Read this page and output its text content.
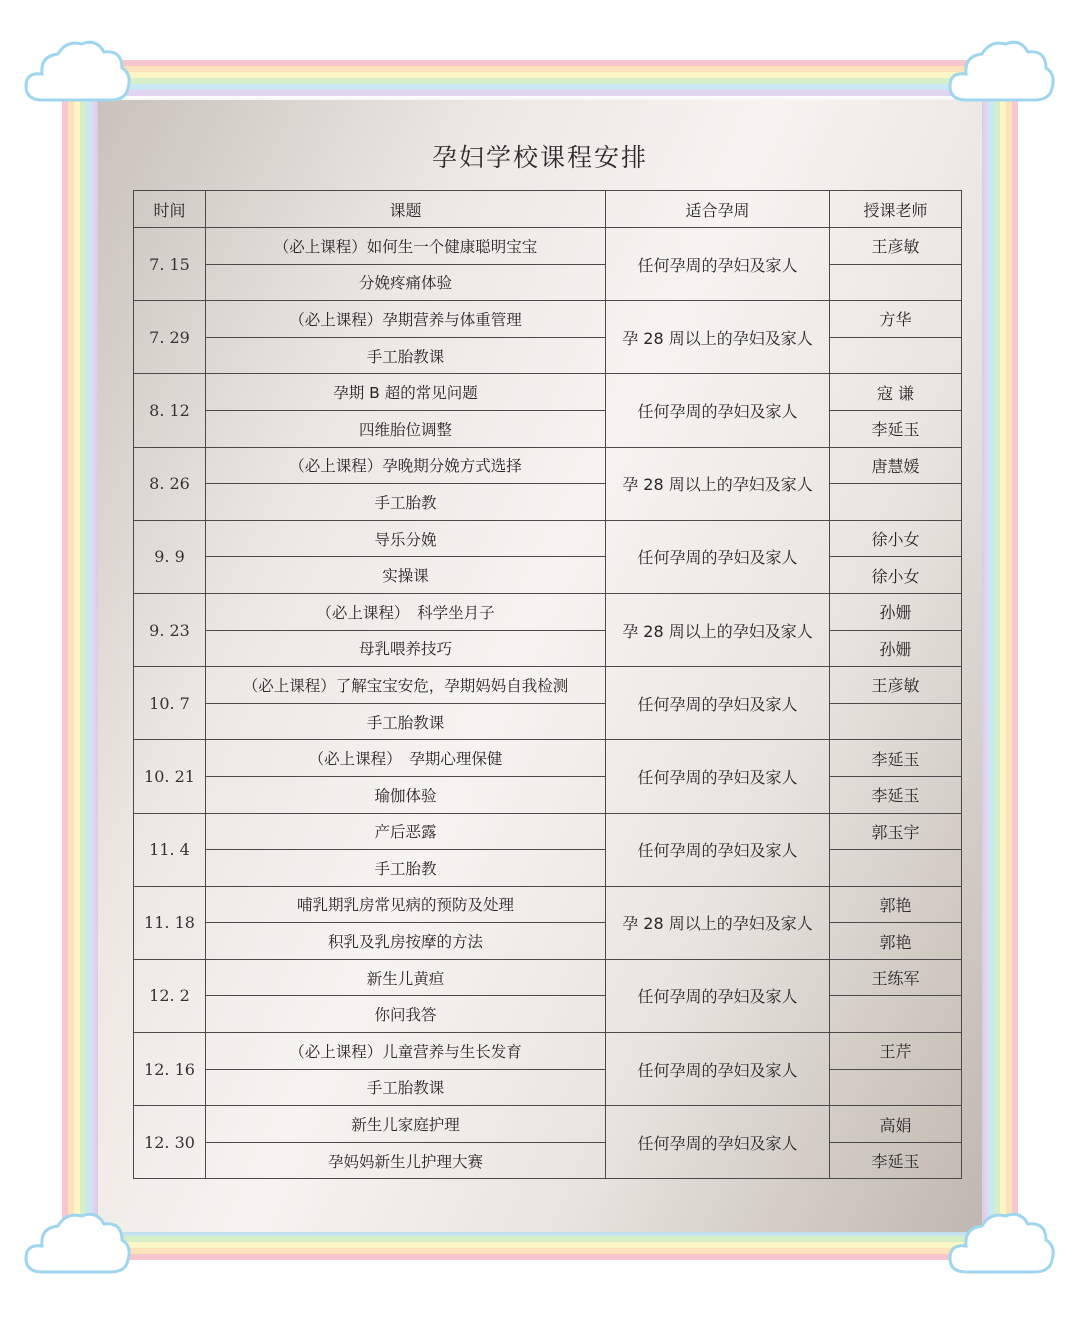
孕妇学校课程安排
时间	课题	适合孕周	授课老师
7. 15	（必上课程）如何生一个健康聪明宝宝	任何孕周的孕妇及家人	王彦敏
	分娩疼痛体验		
7. 29	（必上课程）孕期营养与体重管理	孕 28 周以上的孕妇及家人	方华
	手工胎教课		
8. 12	孕期 B 超的常见问题	任何孕周的孕妇及家人	寇 谦
	四维胎位调整		李延玉
8. 26	（必上课程）孕晚期分娩方式选择	孕 28 周以上的孕妇及家人	唐慧媛
	手工胎教		
9. 9	导乐分娩	任何孕周的孕妇及家人	徐小女
	实操课		徐小女
9. 23	（必上课程）　科学坐月子	孕 28 周以上的孕妇及家人	孙姗
	母乳喂养技巧		孙姗
10. 7	（必上课程）了解宝宝安危，孕期妈妈自我检测	任何孕周的孕妇及家人	王彦敏
	手工胎教课		
10. 21	（必上课程）　孕期心理保健	任何孕周的孕妇及家人	李延玉
	瑜伽体验		李延玉
11. 4	产后恶露	任何孕周的孕妇及家人	郭玉宇
	手工胎教		
11. 18	哺乳期乳房常见病的预防及处理	孕 28 周以上的孕妇及家人	郭艳
	积乳及乳房按摩的方法		郭艳
12. 2	新生儿黄疸	任何孕周的孕妇及家人	王练军
	你问我答		
12. 16	（必上课程）儿童营养与生长发育	任何孕周的孕妇及家人	王芹
	手工胎教课		
12. 30	新生儿家庭护理	任何孕周的孕妇及家人	高娟
	孕妈妈新生儿护理大赛		李延玉
